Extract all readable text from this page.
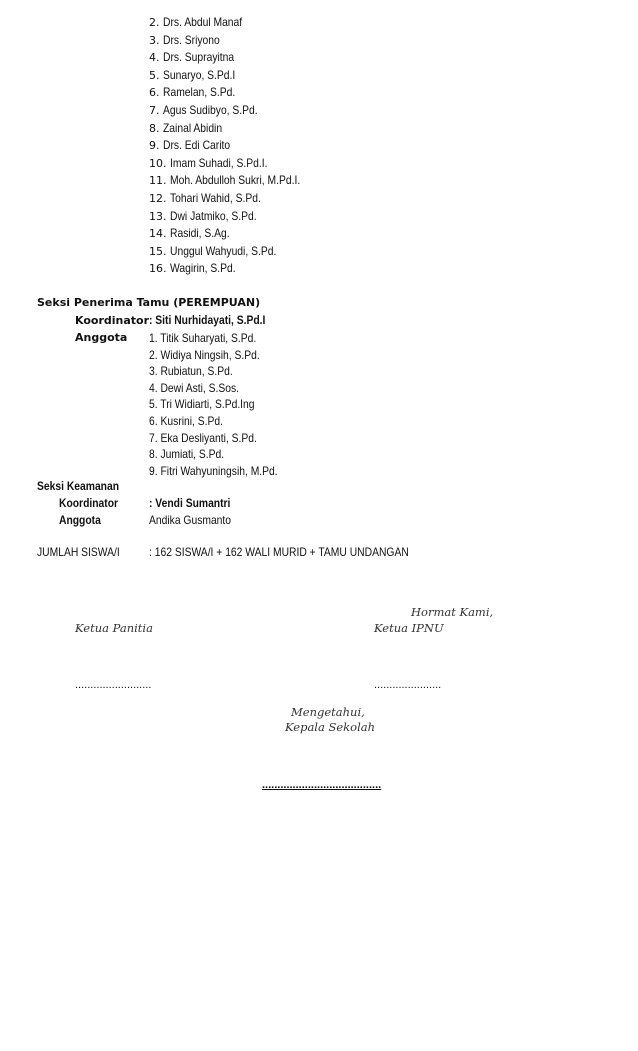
2. Drs. Abdul Manaf
3. Drs. Sriyono
4. Drs. Suprayitna
5. Sunaryo, S.Pd.I
6. Ramelan, S.Pd.
7. Agus Sudibyo, S.Pd.
8. Zainal Abidin
9. Drs. Edi Carito
10. Imam Suhadi, S.Pd.I.
11. Moh. Abdulloh Sukri, M.Pd.I.
12. Tohari Wahid, S.Pd.
13. Dwi Jatmiko, S.Pd.
14. Rasidi, S.Ag.
15. Unggul Wahyudi, S.Pd.
16. Wagirin, S.Pd.
Seksi Penerima Tamu (PEREMPUAN)
Koordinator : Siti Nurhidayati, S.Pd.I
Anggota 1. Titik Suharyati, S.Pd.
2. Widiya Ningsih, S.Pd.
3. Rubiatun, S.Pd.
4. Dewi Asti, S.Sos.
5. Tri Widiarti, S.Pd.Ing
6. Kusrini, S.Pd.
7. Eka Desliyanti, S.Pd.
8. Jumiati, S.Pd.
9. Fitri Wahyuningsih, M.Pd.
Seksi Keamanan
Koordinator	: Vendi Sumantri
Anggota	Andika Gusmanto
JUMLAH SISWA/I : 162 SISWA/I + 162 WALI MURID + TAMU UNDANGAN
Hormat Kami,
Ketua Panitia	Ketua IPNU
.........................	......................
Mengetahui,
Kepala Sekolah
.......................................
